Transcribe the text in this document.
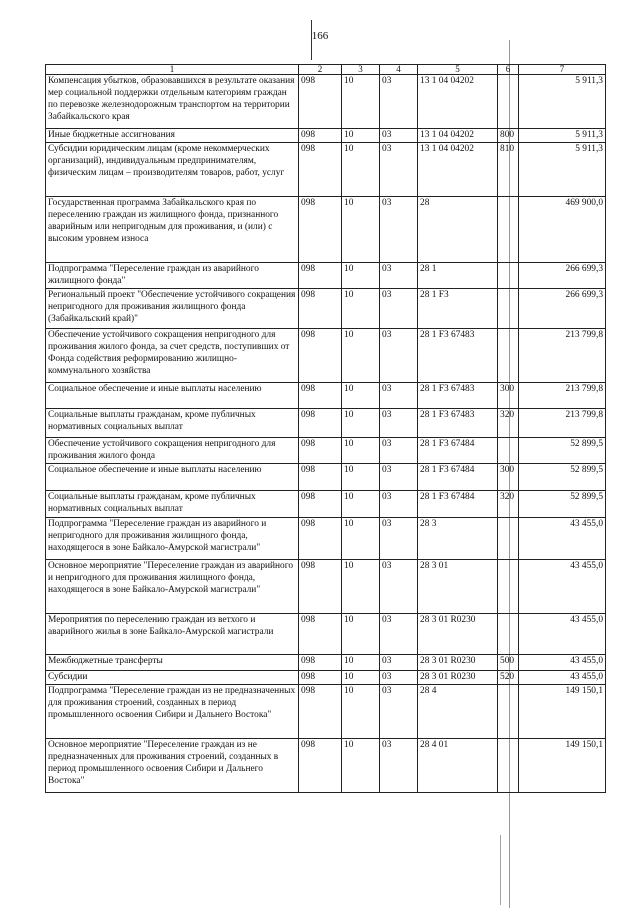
166
1	2	3	4	5	6	7
Компенсация убытков, образовавшихся в результате оказания мер социальной поддержки отдельным категориям граждан по перевозке железнодорожным транспортом на территории Забайкальского края	098	10	03	13 1 04 04202		5 911,3
Иные бюджетные ассигнования	098	10	03	13 1 04 04202	800	5 911,3
Субсидии юридическим лицам (кроме некоммерческих организаций), индивидуальным предпринимателям, физическим лицам – производителям товаров, работ, услуг	098	10	03	13 1 04 04202	810	5 911,3
Государственная программа Забайкальского края по переселению граждан из жилищного фонда, признанного аварийным или непригодным для проживания, и (или) с высоким уровнем износа	098	10	03	28		469 900,0
Подпрограмма "Переселение граждан из аварийного жилищного фонда"	098	10	03	28 1		266 699,3
Региональный проект "Обеспечение устойчивого сокращения непригодного для проживания жилищного фонда (Забайкальский край)"	098	10	03	28 1 F3		266 699,3
Обеспечение устойчивого сокращения непригодного для проживания жилого фонда, за счет средств, поступивших от Фонда содействия реформированию жилищно-коммунального хозяйства	098	10	03	28 1 F3 67483		213 799,8
Социальное обеспечение и иные выплаты населению	098	10	03	28 1 F3 67483	300	213 799,8
Социальные выплаты гражданам, кроме публичных нормативных социальных выплат	098	10	03	28 1 F3 67483	320	213 799,8
Обеспечение устойчивого сокращения непригодного для проживания жилого фонда	098	10	03	28 1 F3 67484		52 899,5
Социальное обеспечение и иные выплаты населению	098	10	03	28 1 F3 67484	300	52 899,5
Социальные выплаты гражданам, кроме публичных нормативных социальных выплат	098	10	03	28 1 F3 67484	320	52 899,5
Подпрограмма "Переселение граждан из аварийного и непригодного для проживания жилищного фонда, находящегося в зоне Байкало-Амурской магистрали"	098	10	03	28 3		43 455,0
Основное мероприятие "Переселение граждан из аварийного и непригодного для проживания жилищного фонда, находящегося в зоне Байкало-Амурской магистрали"	098	10	03	28 3 01		43 455,0
Мероприятия по переселению граждан из ветхого и аварийного жилья в зоне Байкало-Амурской магистрали	098	10	03	28 3 01 R0230		43 455,0
Межбюджетные трансферты	098	10	03	28 3 01 R0230	500	43 455,0
Субсидии	098	10	03	28 3 01 R0230	520	43 455,0
Подпрограмма "Переселение граждан из не предназначенных для проживания строений, созданных в период промышленного освоения Сибири и Дальнего Востока"	098	10	03	28 4		149 150,1
Основное мероприятие "Переселение граждан из не предназначенных для проживания строений, созданных в период промышленного освоения Сибири и Дальнего Востока"	098	10	03	28 4 01		149 150,1
